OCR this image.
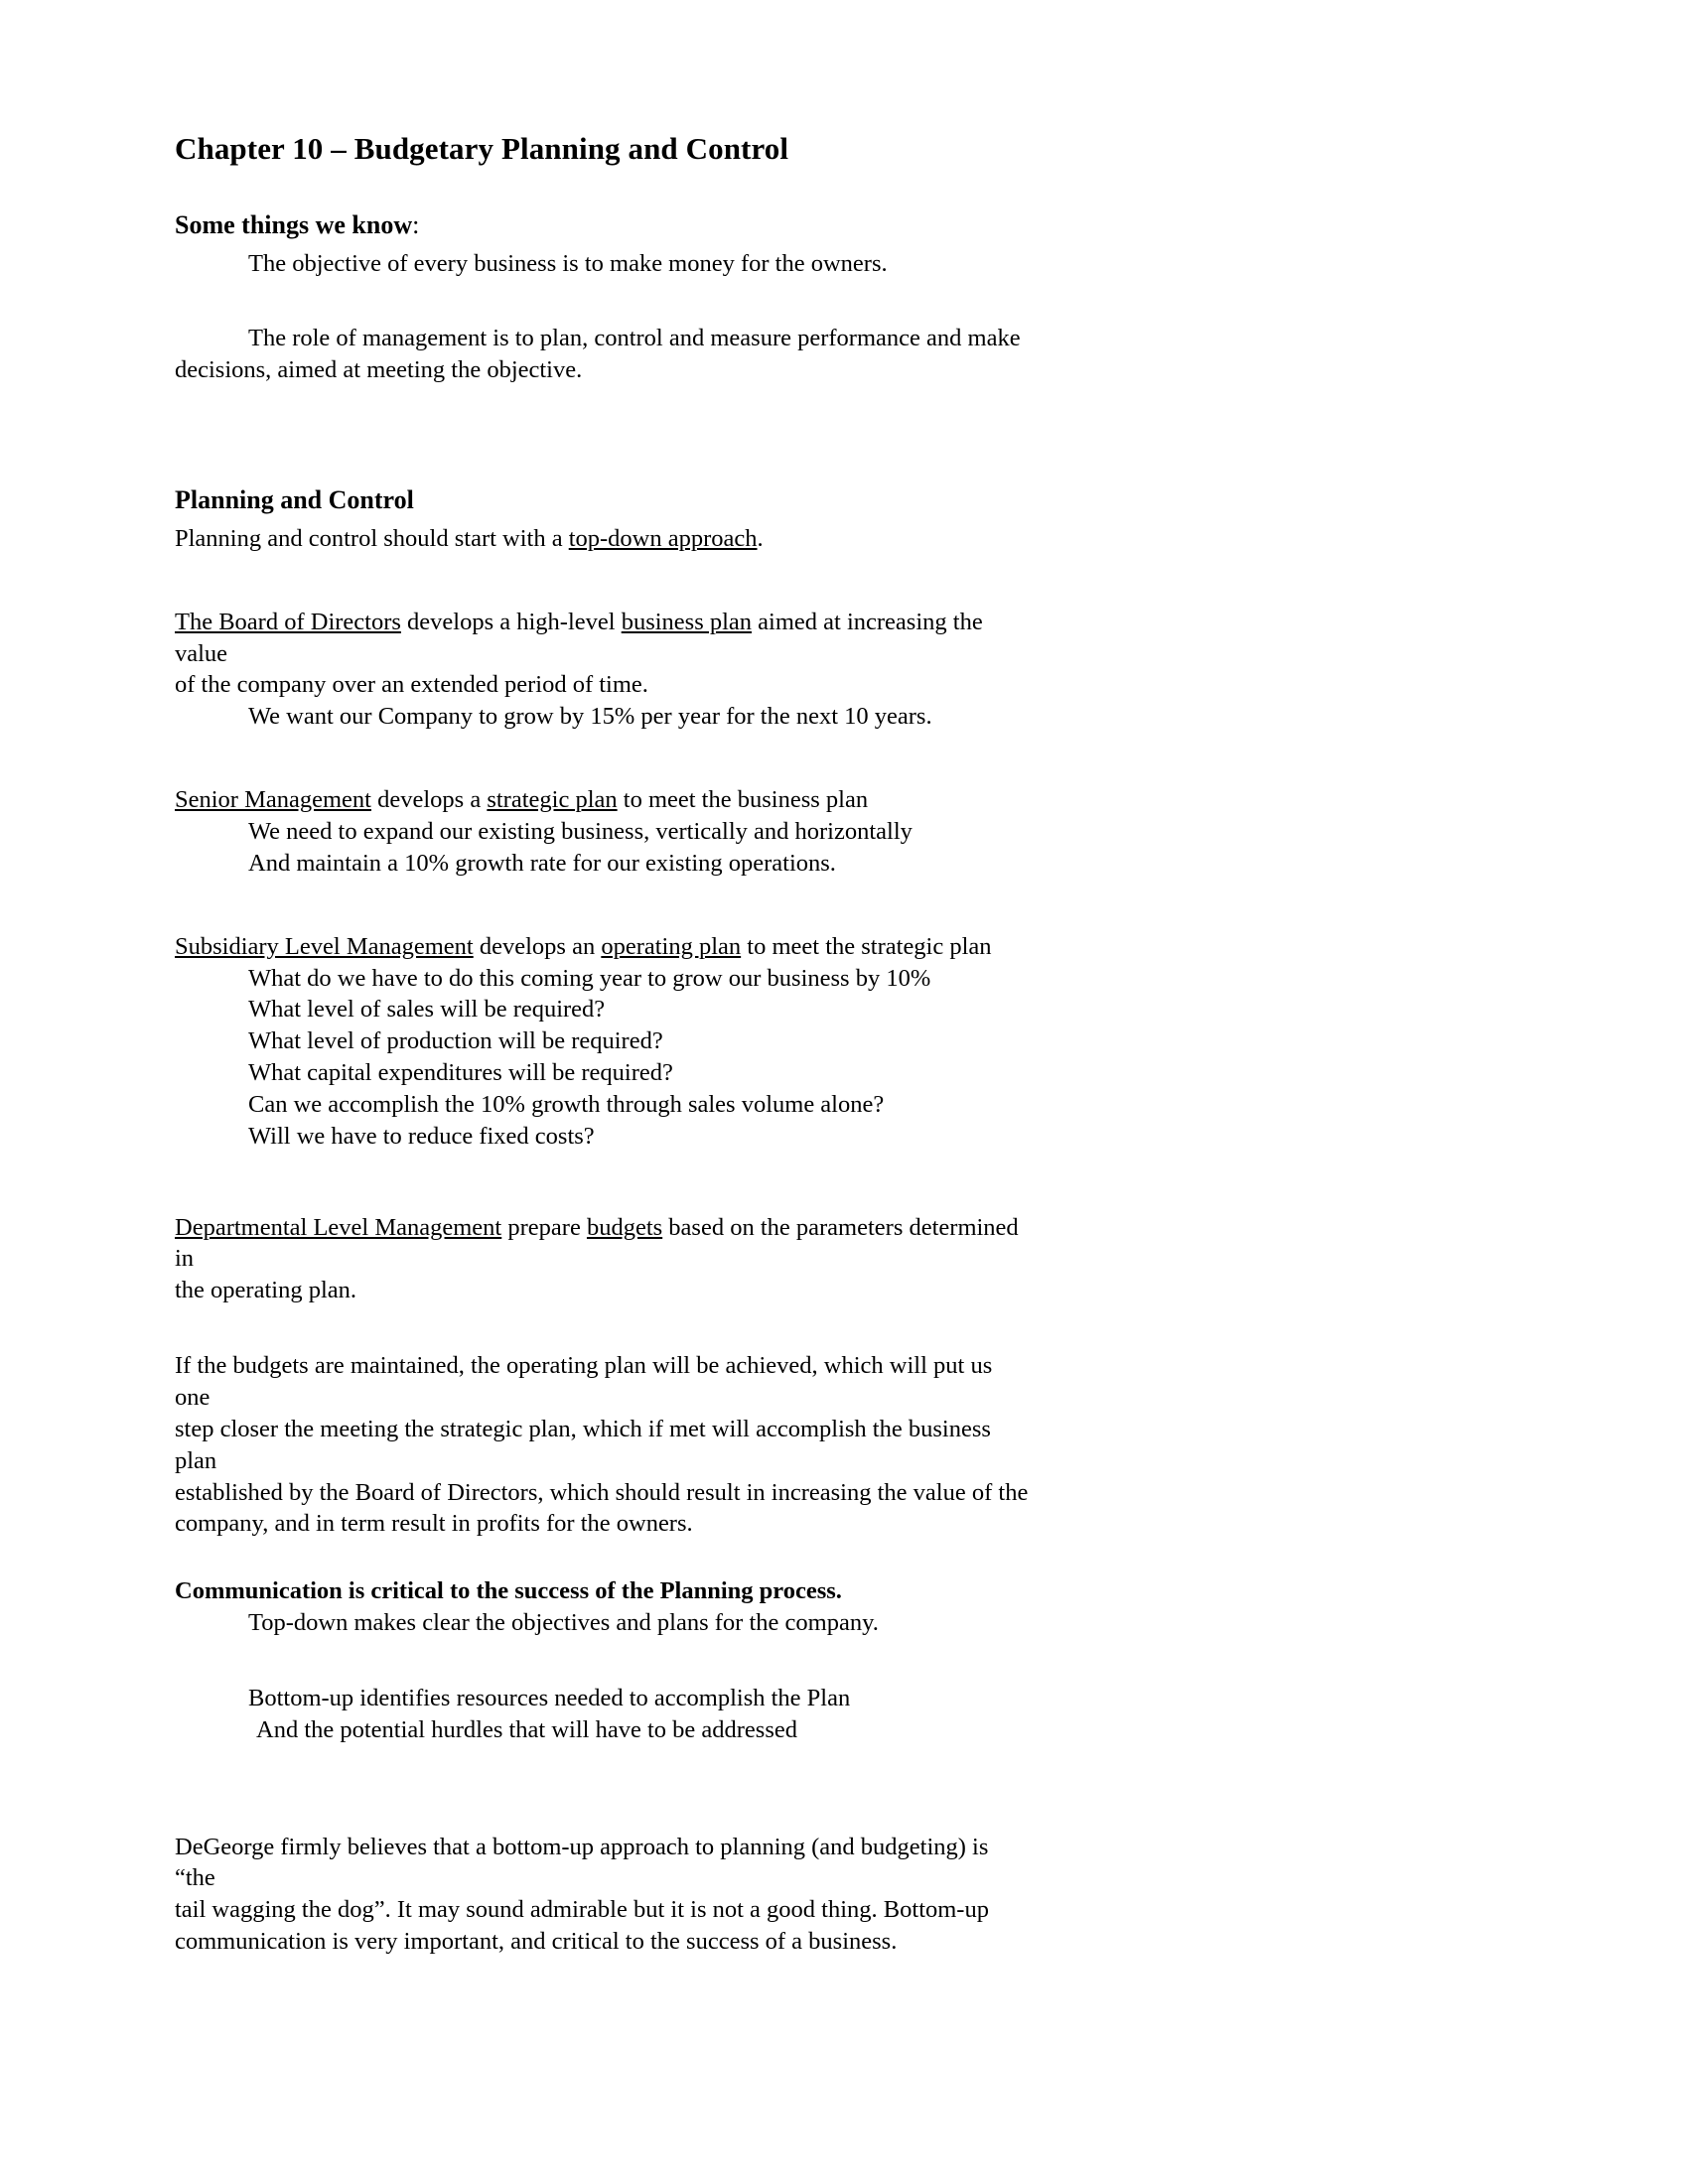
Chapter 10 – Budgetary Planning and Control
Some things we know:

The objective of every business is to make money for the owners.

The role of management is to plan, control and measure performance and make
decisions, aimed at meeting the objective.
Planning and Control
Planning and control should start with a top-down approach.
The Board of Directors develops a high-level business plan aimed at increasing the value
of the company over an extended period of time.
We want our Company to grow by 15% per year for the next 10 years.
Senior Management develops a strategic plan to meet the business plan
We need to expand our existing business, vertically and horizontally
And maintain a 10% growth rate for our existing operations.
Subsidiary Level Management develops an operating plan to meet the strategic plan
What do we have to do this coming year to grow our business by 10%
What level of sales will be required?
What level of production will be required?
What capital expenditures will be required?
Can we accomplish the 10% growth through sales volume alone?
Will we have to reduce fixed costs?
Departmental Level Management prepare budgets based on the parameters determined in
the operating plan.
If the budgets are maintained, the operating plan will be achieved, which will put us one
step closer the meeting the strategic plan, which if met will accomplish the business plan
established by the Board of Directors, which should result in increasing the value of the
company, and in term result in profits for the owners.
Communication is critical to the success of the Planning process.
Top-down makes clear the objectives and plans for the company.
Bottom-up identifies resources needed to accomplish the Plan
And the potential hurdles that will have to be addressed
DeGeorge firmly believes that a bottom-up approach to planning (and budgeting) is “the
tail wagging the dog”. It may sound admirable but it is not a good thing. Bottom-up
communication is very important, and critical to the success of a business.
